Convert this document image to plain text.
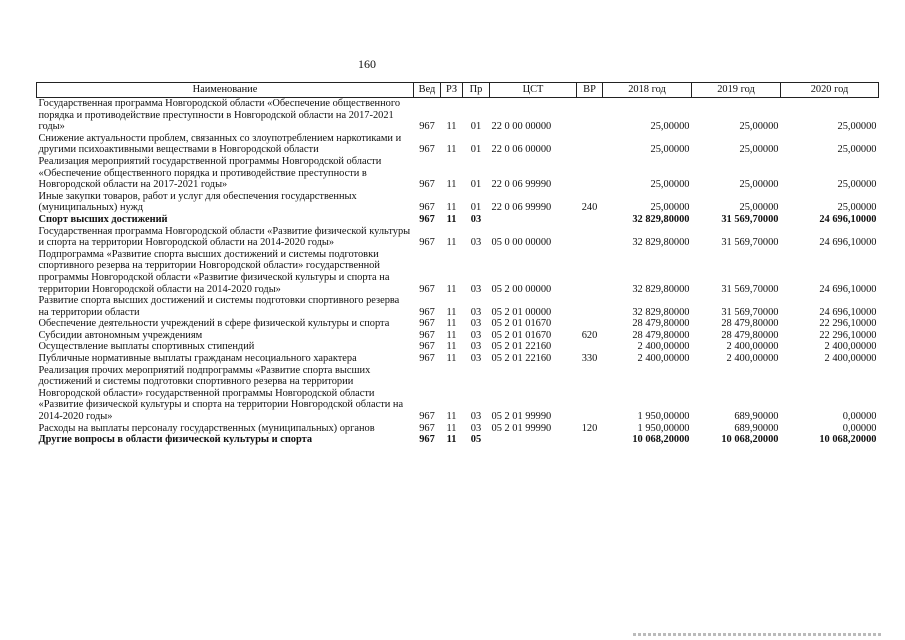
160
Наименование	Вед	РЗ	Пр	ЦСТ	ВР	2018 год	2019 год	2020 год
Государственная программа Новгородской области «Обеспечение общественного порядка и противодействие преступности в Новгородской области на 2017-2021 годы»	967	11	01	22 0 00 00000		25,00000	25,00000	25,00000
Снижение актуальности проблем, связанных со злоупотреблением наркотиками и другими психоактивными веществами в Новгородской области	967	11	01	22 0 06 00000		25,00000	25,00000	25,00000
Реализация мероприятий государственной программы Новгородской области «Обеспечение общественного порядка и противодействие преступности в Новгородской области на 2017-2021 годы»	967	11	01	22 0 06 99990		25,00000	25,00000	25,00000
Иные закупки товаров, работ и услуг для обеспечения государственных (муниципальных) нужд	967	11	01	22 0 06 99990	240	25,00000	25,00000	25,00000
Спорт высших достижений	967	11	03			32 829,80000	31 569,70000	24 696,10000
Государственная программа Новгородской области «Развитие физической культуры и спорта на территории Новгородской области на 2014-2020 годы»	967	11	03	05 0 00 00000		32 829,80000	31 569,70000	24 696,10000
Подпрограмма «Развитие спорта высших достижений и системы подготовки спортивного резерва на территории Новгородской области» государственной программы Новгородской области «Развитие физической культуры и спорта на территории Новгородской области на 2014-2020 годы»	967	11	03	05 2 00 00000		32 829,80000	31 569,70000	24 696,10000
Развитие спорта высших достижений и системы подготовки спортивного резерва на территории области	967	11	03	05 2 01 00000		32 829,80000	31 569,70000	24 696,10000
Обеспечение деятельности учреждений в сфере физической культуры и спорта	967	11	03	05 2 01 01670		28 479,80000	28 479,80000	22 296,10000
Субсидии автономным учреждениям	967	11	03	05 2 01 01670	620	28 479,80000	28 479,80000	22 296,10000
Осуществление выплаты спортивных стипендий	967	11	03	05 2 01 22160		2 400,00000	2 400,00000	2 400,00000
Публичные нормативные выплаты гражданам несоциального характера	967	11	03	05 2 01 22160	330	2 400,00000	2 400,00000	2 400,00000
Реализация прочих мероприятий подпрограммы «Развитие спорта высших достижений и системы подготовки спортивного резерва на территории Новгородской области» государственной программы Новгородской области «Развитие физической культуры и спорта на территории Новгородской области на 2014-2020 годы»	967	11	03	05 2 01 99990		1 950,00000	689,90000	0,00000
Расходы на выплаты персоналу государственных (муниципальных) органов	967	11	03	05 2 01 99990	120	1 950,00000	689,90000	0,00000
Другие вопросы в области физической культуры и спорта	967	11	05			10 068,20000	10 068,20000	10 068,20000
